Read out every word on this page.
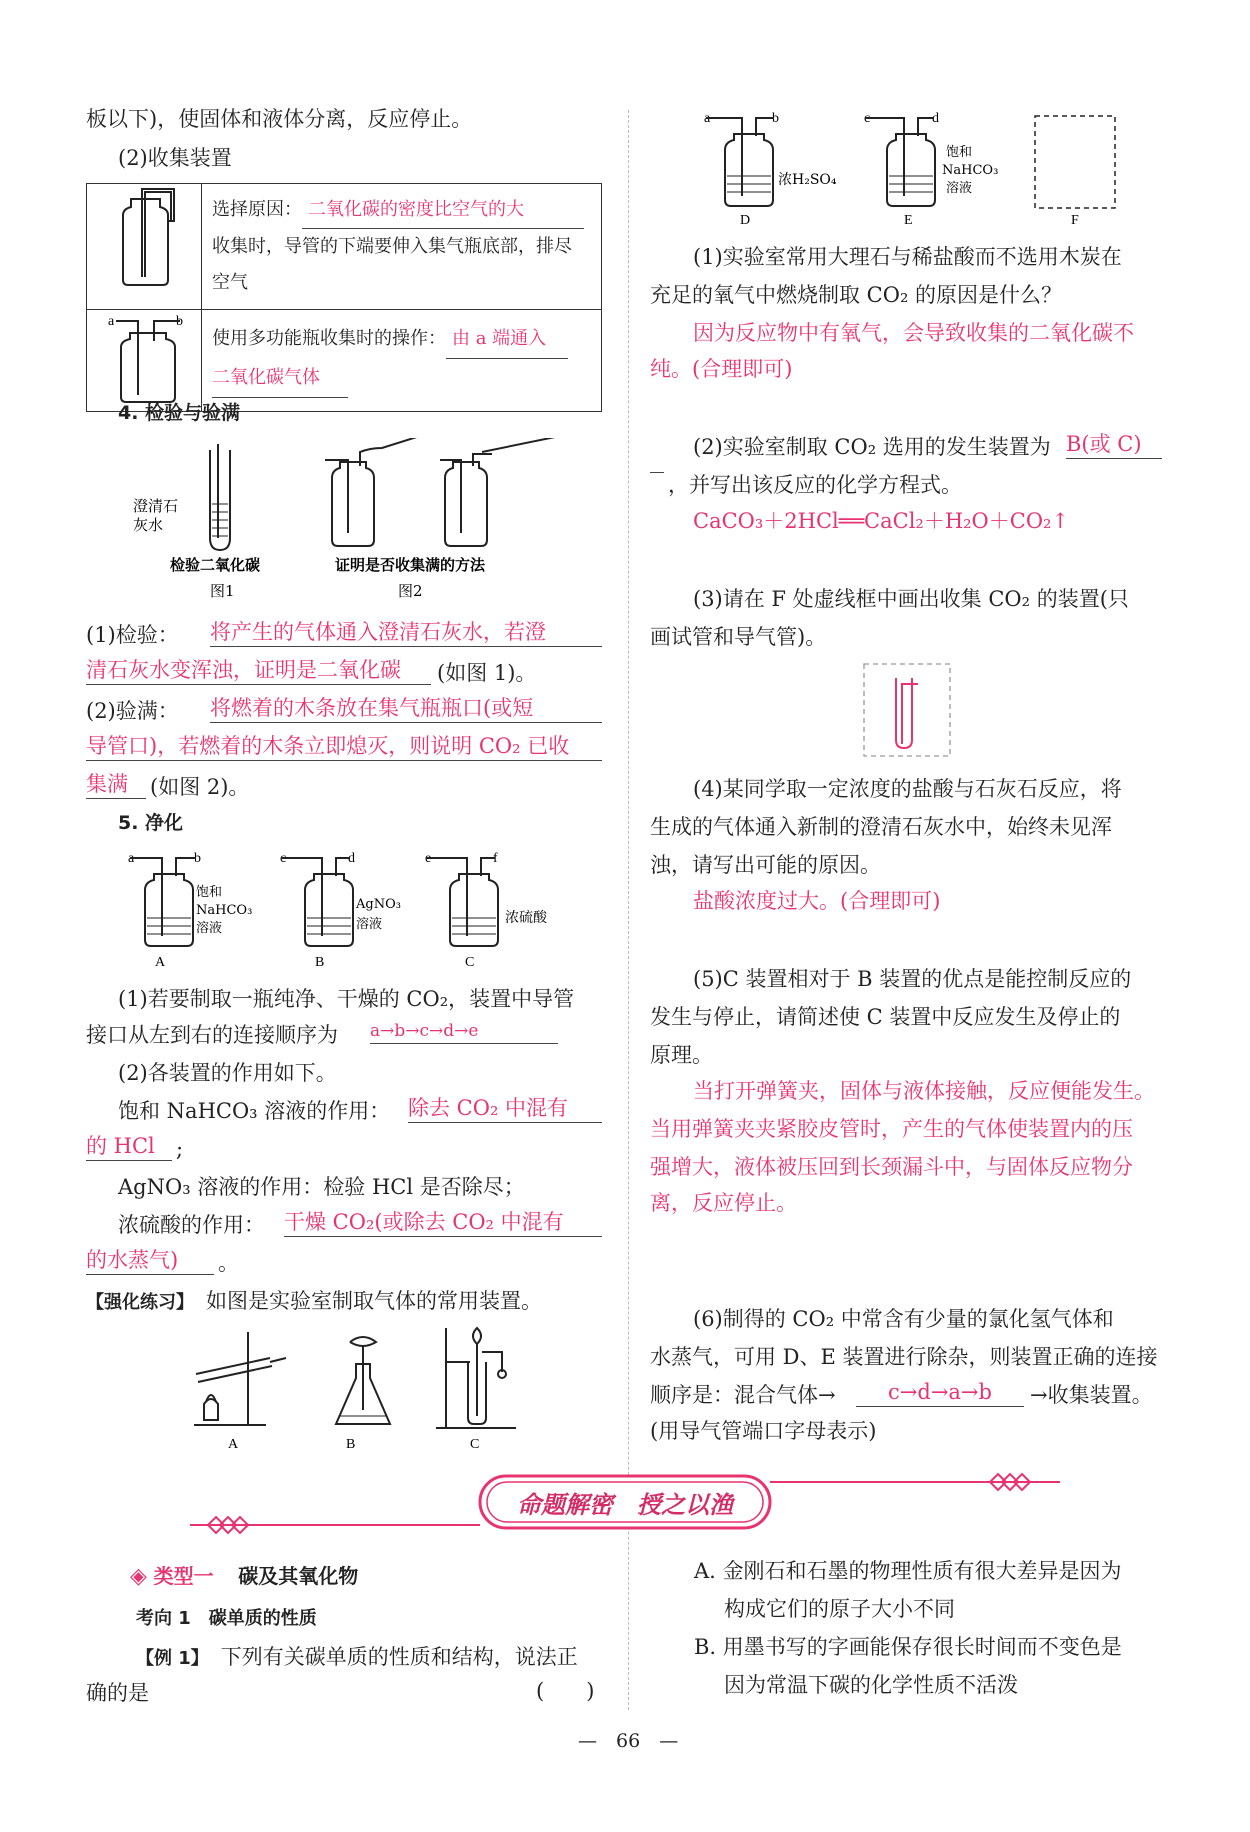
板以下)，使固体和液体分离，反应停止。
(2)收集装置
	选择原因： 二氧化碳的密度比空气的大
收集时，导管的下端要伸入集气瓶底部，排尽
空气

a b	使用多功能瓶收集时的操作： 由 a 端通入
二氧化碳气体
4. 检验与验满
澄清石
灰水
检验二氧化碳
图1
证明是否收集满的方法
图2
(1)检验： 将产生的气体通入澄清石灰水，若澄
清石灰水变浑浊，证明是二氧化碳	(如图 1)。
(2)验满： 将燃着的木条放在集气瓶瓶口(或短
导管口)，若燃着的木条立即熄灭，则说明 CO₂ 已收
集满	(如图 2)。
5. 净化
a	b
饱和
NaHCO₃
溶液
A
c	d
AgNO₃
溶液
B
e	f
浓硫酸
C
(1)若要制取一瓶纯净、干燥的 CO₂，装置中导管
接口从左到右的连接顺序为 a→b→c→d→e
(2)各装置的作用如下。
饱和 NaHCO₃ 溶液的作用： 除去 CO₂ 中混有
的 HCl	;
AgNO₃ 溶液的作用：检验 HCl 是否除尽；
浓硫酸的作用： 干燥 CO₂(或除去 CO₂ 中混有
的水蒸气)	。
【强化练习】　 如图是实验室制取气体的常用装置。
A	B	C
a	b
浓H₂SO₄
D
c	d
饱和
NaHCO₃
溶液
E	F
(1)实验室常用大理石与稀盐酸而不选用木炭在
充足的氧气中燃烧制取 CO₂ 的原因是什么？
因为反应物中有氧气，会导致收集的二氧化碳不
纯。(合理即可)
(2)实验室制取 CO₂ 选用的发生装置为 B(或 C)
，并写出该反应的化学方程式。
CaCO₃＋2HCl══CaCl₂＋H₂O＋CO₂↑
(3)请在 F 处虚线框中画出收集 CO₂ 的装置(只
画试管和导气管)。
(4)某同学取一定浓度的盐酸与石灰石反应，将
生成的气体通入新制的澄清石灰水中，始终未见浑
浊，请写出可能的原因。
盐酸浓度过大。(合理即可)
(5)C 装置相对于 B 装置的优点是能控制反应的
发生与停止，请简述使 C 装置中反应发生及停止的
原理。
当打开弹簧夹，固体与液体接触，反应便能发生。
当用弹簧夹夹紧胶皮管时，产生的气体使装置内的压
强增大，液体被压回到长颈漏斗中，与固体反应物分
离，反应停止。
(6)制得的 CO₂ 中常含有少量的氯化氢气体和
水蒸气，可用 D、E 装置进行除杂，则装置正确的连接
顺序是：混合气体→	c→d→a→b	→收集装置。
(用导气管端口字母表示)
命题解密　授之以渔
◈ 类型一 碳及其氧化物
考向 1　碳单质的性质
【例 1】　 下列有关碳单质的性质和结构，说法正
确的是	(　　)
A. 金刚石和石墨的物理性质有很大差异是因为
构成它们的原子大小不同
B. 用墨书写的字画能保存很长时间而不变色是
因为常温下碳的化学性质不活泼
—　 66　 —
